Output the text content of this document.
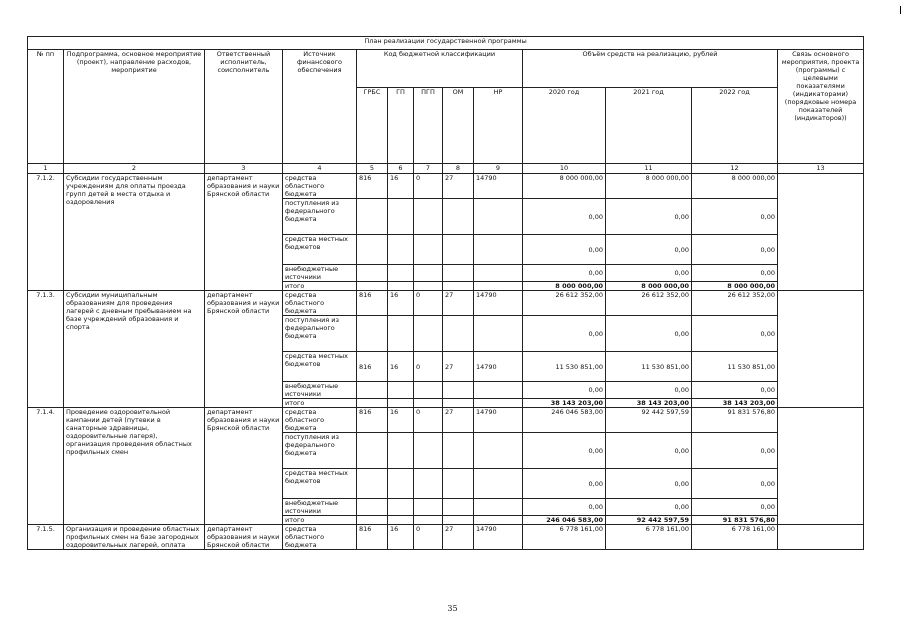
План реализации государственной программы												
№ пп	Подпрограмма, основное мероприятие (проект), направление расходов, мероприятие	Ответственный исполнитель, соисполнитель	Источник финансового обеспечения	Код бюджетной классификации					Объём средств на реализацию, рублей			Связь основного мероприятия, проекта (программы) с целевыми показателями (индикаторами) (порядковые номера показателей (индикаторов))
				ГРБС	ГП	ПГП	ОМ	НР	2020 год	2021 год	2022 год	
1	2	3	4	5	6	7	8	9	10	11	12	13
7.1.2.	Субсидии государственным учреждениям для оплаты проезда групп детей в места отдыха и оздоровления	департамент образования и науки Брянской области	средства областного бюджета	816	16	0	27	14790	8 000 000,00	8 000 000,00	8 000 000,00	
			поступления из федерального бюджета						0,00	0,00	0,00	
			средства местных бюджетов						0,00	0,00	0,00	
			внебюджетные источники						0,00	0,00	0,00	
			итого						8 000 000,00	8 000 000,00	8 000 000,00	
7.1.3.	Субсидии муниципальным образованиям для проведения лагерей с дневным пребыванием на базе учреждений образования и спорта	департамент образования и науки Брянской области	средства областного бюджета	816	16	0	27	14790	26 612 352,00	26 612 352,00	26 612 352,00	
			поступления из федерального бюджета						0,00	0,00	0,00	
			средства местных бюджетов	816	16	0	27	14790	11 530 851,00	11 530 851,00	11 530 851,00	
			внебюджетные источники						0,00	0,00	0,00	
			итого						38 143 203,00	38 143 203,00	38 143 203,00	
7.1.4.	Проведение оздоровительной кампании детей (путевки в санаторные здравницы, оздоровительные лагеря), организация проведения областных профильных смен	департамент образования и науки Брянской области	средства областного бюджета	816	16	0	27	14790	246 046 583,00	92 442 597,59	91 831 576,80	
			поступления из федерального бюджета						0,00	0,00	0,00	
			средства местных бюджетов						0,00	0,00	0,00	
			внебюджетные источники						0,00	0,00	0,00	
			итого						246 046 583,00	92 442 597,59	91 831 576,80	
7.1.5.	Организация и проведение областных профильных смен на базе загородных оздоровительных лагерей, оплата	департамент образования и науки Брянской области	средства областного бюджета	816	16	0	27	14790	6 778 161,00	6 778 161,00	6 778 161,00	
35
